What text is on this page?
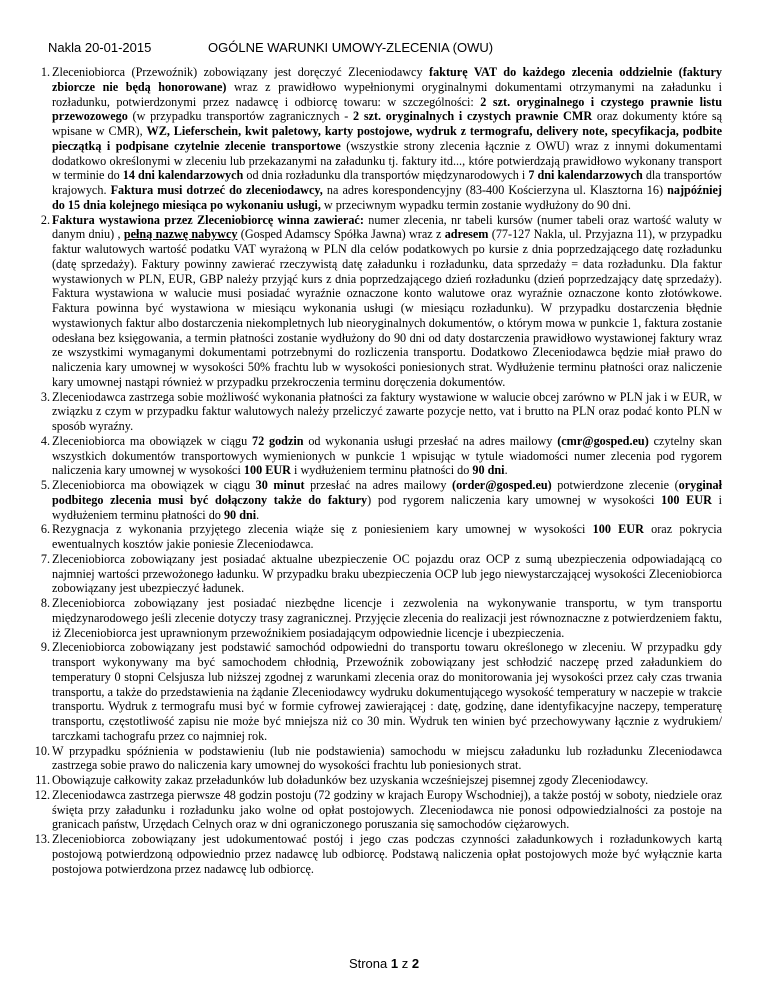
Nakla 20-01-2015	OGÓLNE WARUNKI UMOWY-ZLECENIA (OWU)
1. Zleceniobiorca (Przewoźnik) zobowiązany jest doręczyć Zleceniodawcy fakturę VAT do każdego zlecenia oddzielnie (faktury zbiorcze nie będą honorowane) wraz z prawidłowo wypełnionymi oryginalnymi dokumentami otrzymanymi na załadunku i rozładunku, potwierdzonymi przez nadawcę i odbiorcę towaru: w szczególności: 2 szt. oryginalnego i czystego prawnie listu przewozowego (w przypadku transportów zagranicznych - 2 szt. oryginalnych i czystych prawnie CMR oraz dokumenty które są wpisane w CMR), WZ, Lieferschein, kwit paletowy, karty postojowe, wydruk z termografu, delivery note, specyfikacja, podbite pieczątką i podpisane czytelnie zlecenie transportowe (wszystkie strony zlecenia łącznie z OWU) wraz z innymi dokumentami dodatkowo określonymi w zleceniu lub przekazanymi na załadunku tj. faktury itd..., które potwierdzają prawidłowo wykonany transport w terminie do 14 dni kalendarzowych od dnia rozładunku dla transportów międzynarodowych i 7 dni kalendarzowych dla transportów krajowych. Faktura musi dotrzeć do zleceniodawcy, na adres korespondencyjny (83-400 Kościerzyna ul. Klasztorna 16) najpóźniej do 15 dnia kolejnego miesiąca po wykonaniu usługi, w przeciwnym wypadku termin zostanie wydłużony do 90 dni.
2. Faktura wystawiona przez Zleceniobiorcę winna zawierać: numer zlecenia, nr tabeli kursów (numer tabeli oraz wartość waluty w danym dniu) , pełną nazwę nabywcy (Gosped Adamscy Spółka Jawna) wraz z adresem (77-127 Nakla, ul. Przyjazna 11), w przypadku faktur walutowych wartość podatku VAT wyrażoną w PLN dla celów podatkowych po kursie z dnia poprzedzającego datę rozładunku (datę sprzedaży). Faktury powinny zawierać rzeczywistą datę załadunku i rozładunku, data sprzedaży = data rozładunku. Dla faktur wystawionych w PLN, EUR, GBP należy przyjąć kurs z dnia poprzedzającego dzień rozładunku (dzień poprzedzający datę sprzedaży). Faktura wystawiona w walucie musi posiadać wyraźnie oznaczone konto walutowe oraz wyraźnie oznaczone konto złotówkowe. Faktura powinna być wystawiona w miesiącu wykonania usługi (w miesiącu rozładunku). W przypadku dostarczenia błędnie wystawionych faktur albo dostarczenia niekompletnych lub nieoryginalnych dokumentów, o którym mowa w punkcie 1, faktura zostanie odesłana bez księgowania, a termin płatności zostanie wydłużony do 90 dni od daty dostarczenia prawidłowo wystawionej faktury wraz ze wszystkimi wymaganymi dokumentami potrzebnymi do rozliczenia transportu. Dodatkowo Zleceniodawca będzie miał prawo do naliczenia kary umownej w wysokości 50% frachtu lub w wysokości poniesionych strat. Wydłużenie terminu płatności oraz naliczenie kary umownej nastąpi również w przypadku przekroczenia terminu doręczenia dokumentów.
3. Zleceniodawca zastrzega sobie możliwość wykonania płatności za faktury wystawione w walucie obcej zarówno w PLN jak i w EUR, w związku z czym w przypadku faktur walutowych należy przeliczyć zawarte pozycje netto, vat i brutto na PLN oraz podać konto PLN w sposób wyraźny.
4. Zleceniobiorca ma obowiązek w ciągu 72 godzin od wykonania usługi przesłać na adres mailowy (cmr@gosped.eu) czytelny skan wszystkich dokumentów transportowych wymienionych w punkcie 1 wpisując w tytule wiadomości numer zlecenia pod rygorem naliczenia kary umownej w wysokości 100 EUR i wydłużeniem terminu płatności do 90 dni.
5. Zleceniobiorca ma obowiązek w ciągu 30 minut przesłać na adres mailowy (order@gosped.eu) potwierdzone zlecenie (oryginał podbitego zlecenia musi być dołączony także do faktury) pod rygorem naliczenia kary umownej w wysokości 100 EUR i wydłużeniem terminu płatności do 90 dni.
6. Rezygnacja z wykonania przyjętego zlecenia wiąże się z poniesieniem kary umownej w wysokości 100 EUR oraz pokrycia ewentualnych kosztów jakie poniesie Zleceniodawca.
7. Zleceniobiorca zobowiązany jest posiadać aktualne ubezpieczenie OC pojazdu oraz OCP z sumą ubezpieczenia odpowiadającą co najmniej wartości przewożonego ładunku. W przypadku braku ubezpieczenia OCP lub jego niewystarczającej wysokości Zleceniobiorca zobowiązany jest ubezpieczyć ładunek.
8. Zleceniobiorca zobowiązany jest posiadać niezbędne licencje i zezwolenia na wykonywanie transportu, w tym transportu międzynarodowego jeśli zlecenie dotyczy trasy zagranicznej. Przyjęcie zlecenia do realizacji jest równoznaczne z potwierdzeniem faktu, iż Zleceniobiorca jest uprawnionym przewoźnikiem posiadającym odpowiednie licencje i ubezpieczenia.
9. Zleceniobiorca zobowiązany jest podstawić samochód odpowiedni do transportu towaru określonego w zleceniu. W przypadku gdy transport wykonywany ma być samochodem chłodnią, Przewoźnik zobowiązany jest schłodzić naczepę przed załadunkiem do temperatury 0 stopni Celsjusza lub niższej zgodnej z warunkami zlecenia oraz do monitorowania jej wysokości przez cały czas trwania transportu, a także do przedstawienia na żądanie Zleceniodawcy wydruku dokumentującego wysokość temperatury w naczepie w trakcie transportu. Wydruk z termografu musi być w formie cyfrowej zawierającej : datę, godzinę, dane identyfikacyjne naczepy, temperaturę transportu, częstotliwość zapisu nie może być mniejsza niż co 30 min. Wydruk ten winien być przechowywany łącznie z wydrukiem/ tarczkami tachografu przez co najmniej rok.
10. W przypadku spóźnienia w podstawieniu (lub nie podstawienia) samochodu w miejscu załadunku lub rozładunku Zleceniodawca zastrzega sobie prawo do naliczenia kary umownej do wysokości frachtu lub poniesionych strat.
11. Obowiązuje całkowity zakaz przeładunków lub doładunków bez uzyskania wcześniejszej pisemnej zgody Zleceniodawcy.
12. Zleceniodawca zastrzega pierwsze 48 godzin postoju (72 godziny w krajach Europy Wschodniej), a także postój w soboty, niedziele oraz święta przy załadunku i rozładunku jako wolne od opłat postojowych. Zleceniodawca nie ponosi odpowiedzialności za postoje na granicach państw, Urzędach Celnych oraz w dni ograniczonego poruszania się samochodów ciężarowych.
13. Zleceniobiorca zobowiązany jest udokumentować postój i jego czas podczas czynności załadunkowych i rozładunkowych kartą postojową potwierdzoną odpowiednio przez nadawcę lub odbiorcę. Podstawą naliczenia opłat postojowych może być wyłącznie karta postojowa potwierdzona przez nadawcę lub odbiorcę.
Strona 1 z 2
